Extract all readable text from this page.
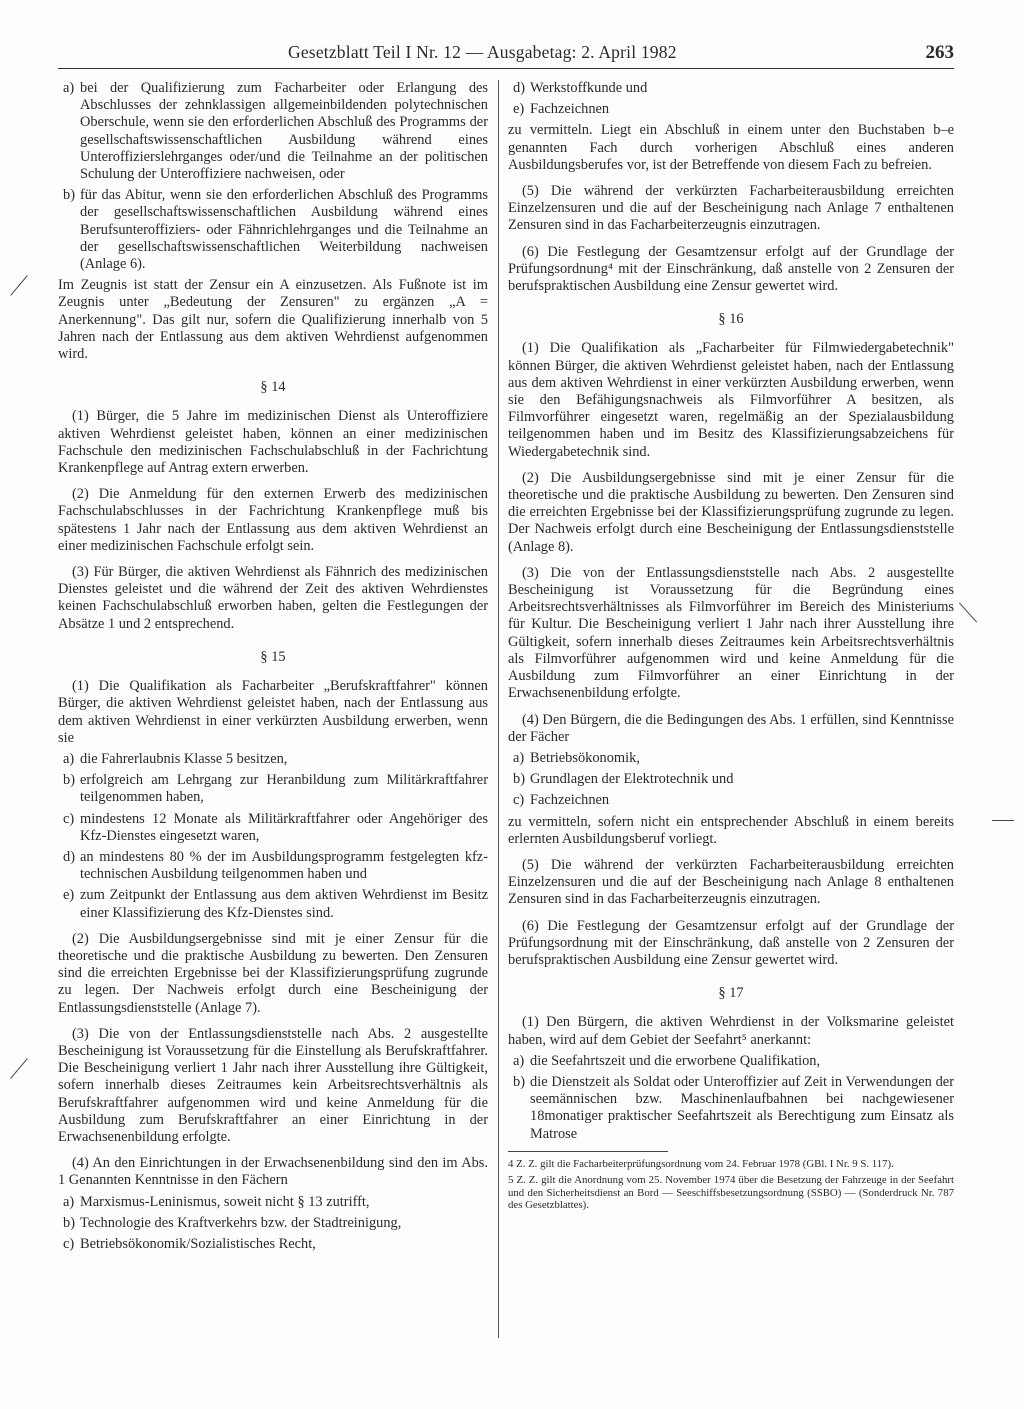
Gesetzblatt Teil I Nr. 12 — Ausgabetag: 2. April 1982	263
a) bei der Qualifizierung zum Facharbeiter oder Erlangung des Abschlusses der zehnklassigen allgemeinbildenden polytechnischen Oberschule, wenn sie den erforderlichen Abschluß des Programms der gesellschaftswissenschaftlichen Ausbildung während eines Unteroffizierslehrganges oder/und die Teilnahme an der politischen Schulung der Unteroffiziere nachweisen, oder
b) für das Abitur, wenn sie den erforderlichen Abschluß des Programms der gesellschaftswissenschaftlichen Ausbildung während eines Berufsunteroffiziers- oder Fähnrichlehrganges und die Teilnahme an der gesellschaftswissenschaftlichen Weiterbildung nachweisen (Anlage 6).

Im Zeugnis ist statt der Zensur ein A einzusetzen. Als Fußnote ist im Zeugnis unter „Bedeutung der Zensuren" zu ergänzen „A = Anerkennung". Das gilt nur, sofern die Qualifizierung innerhalb von 5 Jahren nach der Entlassung aus dem aktiven Wehrdienst aufgenommen wird.

§ 14

(1) Bürger, die 5 Jahre im medizinischen Dienst als Unteroffiziere aktiven Wehrdienst geleistet haben, können an einer medizinischen Fachschule den medizinischen Fachschulabschluß in der Fachrichtung Krankenpflege auf Antrag extern erwerben.

(2) Die Anmeldung für den externen Erwerb des medizinischen Fachschulabschlusses in der Fachrichtung Krankenpflege muß bis spätestens 1 Jahr nach der Entlassung aus dem aktiven Wehrdienst an einer medizinischen Fachschule erfolgt sein.

(3) Für Bürger, die aktiven Wehrdienst als Fähnrich des medizinischen Dienstes geleistet und die während der Zeit des aktiven Wehrdienstes keinen Fachschulabschluß erworben haben, gelten die Festlegungen der Absätze 1 und 2 entsprechend.

§ 15

(1) Die Qualifikation als Facharbeiter „Berufskraftfahrer" können Bürger, die aktiven Wehrdienst geleistet haben, nach der Entlassung aus dem aktiven Wehrdienst in einer verkürzten Ausbildung erwerben, wenn sie

a) die Fahrerlaubnis Klasse 5 besitzen,
b) erfolgreich am Lehrgang zur Heranbildung zum Militärkraftfahrer teilgenommen haben,
c) mindestens 12 Monate als Militärkraftfahrer oder Angehöriger des Kfz-Dienstes eingesetzt waren,
d) an mindestens 80 % der im Ausbildungsprogramm festgelegten kfz-technischen Ausbildung teilgenommen haben und
e) zum Zeitpunkt der Entlassung aus dem aktiven Wehrdienst im Besitz einer Klassifizierung des Kfz-Dienstes sind.

(2) Die Ausbildungsergebnisse sind mit je einer Zensur für die theoretische und die praktische Ausbildung zu bewerten. Den Zensuren sind die erreichten Ergebnisse bei der Klassifizierungsprüfung zugrunde zu legen. Der Nachweis erfolgt durch eine Bescheinigung der Entlassungsdienststelle (Anlage 7).

(3) Die von der Entlassungsdienststelle nach Abs. 2 ausgestellte Bescheinigung ist Voraussetzung für die Einstellung als Berufskraftfahrer. Die Bescheinigung verliert 1 Jahr nach ihrer Ausstellung ihre Gültigkeit, sofern innerhalb dieses Zeitraumes kein Arbeitsrechtsverhältnis als Berufskraftfahrer aufgenommen wird und keine Anmeldung für die Ausbildung zum Berufskraftfahrer an einer Einrichtung in der Erwachsenenbildung erfolgte.

(4) An den Einrichtungen in der Erwachsenenbildung sind den im Abs. 1 Genannten Kenntnisse in den Fächern

a) Marxismus-Leninismus, soweit nicht § 13 zutrifft,
b) Technologie des Kraftverkehrs bzw. der Stadtreinigung,
c) Betriebsökonomik/Sozialistisches Recht,
d) Werkstoffkunde und
e) Fachzeichnen

zu vermitteln. Liegt ein Abschluß in einem unter den Buchstaben b–e genannten Fach durch vorherigen Abschluß eines anderen Ausbildungsberufes vor, ist der Betreffende von diesem Fach zu befreien.

(5) Die während der verkürzten Facharbeiterausbildung erreichten Einzelzensuren und die auf der Bescheinigung nach Anlage 7 enthaltenen Zensuren sind in das Facharbeiterzeugnis einzutragen.

(6) Die Festlegung der Gesamtzensur erfolgt auf der Grundlage der Prüfungsordnung⁴ mit der Einschränkung, daß anstelle von 2 Zensuren der berufspraktischen Ausbildung eine Zensur gewertet wird.

§ 16

(1) Die Qualifikation als „Facharbeiter für Filmwiedergabetechnik" können Bürger, die aktiven Wehrdienst geleistet haben, nach der Entlassung aus dem aktiven Wehrdienst in einer verkürzten Ausbildung erwerben, wenn sie den Befähigungsnachweis als Filmvorführer A besitzen, als Filmvorführer eingesetzt waren, regelmäßig an der Spezialausbildung teilgenommen haben und im Besitz des Klassifizierungsabzeichens für Wiedergabetechnik sind.

(2) Die Ausbildungsergebnisse sind mit je einer Zensur für die theoretische und die praktische Ausbildung zu bewerten. Den Zensuren sind die erreichten Ergebnisse bei der Klassifizierungsprüfung zugrunde zu legen. Der Nachweis erfolgt durch eine Bescheinigung der Entlassungsdienststelle (Anlage 8).

(3) Die von der Entlassungsdienststelle nach Abs. 2 ausgestellte Bescheinigung ist Voraussetzung für die Begründung eines Arbeitsrechtsverhältnisses als Filmvorführer im Bereich des Ministeriums für Kultur. Die Bescheinigung verliert 1 Jahr nach ihrer Ausstellung ihre Gültigkeit, sofern innerhalb dieses Zeitraumes kein Arbeitsrechtsverhältnis als Filmvorführer aufgenommen wird und keine Anmeldung für die Ausbildung zum Filmvorführer an einer Einrichtung in der Erwachsenenbildung erfolgte.

(4) Den Bürgern, die die Bedingungen des Abs. 1 erfüllen, sind Kenntnisse der Fächer

a) Betriebsökonomik,
b) Grundlagen der Elektrotechnik und
c) Fachzeichnen

zu vermitteln, sofern nicht ein entsprechender Abschluß in einem bereits erlernten Ausbildungsberuf vorliegt.

(5) Die während der verkürzten Facharbeiterausbildung erreichten Einzelzensuren und die auf der Bescheinigung nach Anlage 8 enthaltenen Zensuren sind in das Facharbeiterzeugnis einzutragen.

(6) Die Festlegung der Gesamtzensur erfolgt auf der Grundlage der Prüfungsordnung mit der Einschränkung, daß anstelle von 2 Zensuren der berufspraktischen Ausbildung eine Zensur gewertet wird.

§ 17

(1) Den Bürgern, die aktiven Wehrdienst in der Volksmarine geleistet haben, wird auf dem Gebiet der Seefahrt⁵ anerkannt:

a) die Seefahrtszeit und die erworbene Qualifikation,
b) die Dienstzeit als Soldat oder Unteroffizier auf Zeit in Verwendungen der seemännischen bzw. Maschinenlaufbahnen bei nachgewiesener 18monatiger praktischer Seefahrtszeit als Berechtigung zum Einsatz als Matrose

4 Z. Z. gilt die Facharbeiterprüfungsordnung vom 24. Februar 1978 (GBl. I Nr. 9 S. 117).

5 Z. Z. gilt die Anordnung vom 25. November 1974 über die Besetzung der Fahrzeuge in der Seefahrt und den Sicherheitsdienst an Bord — Seeschiffsbesetzungsordnung (SSBO) — (Sonderdruck Nr. 787 des Gesetzblattes).
